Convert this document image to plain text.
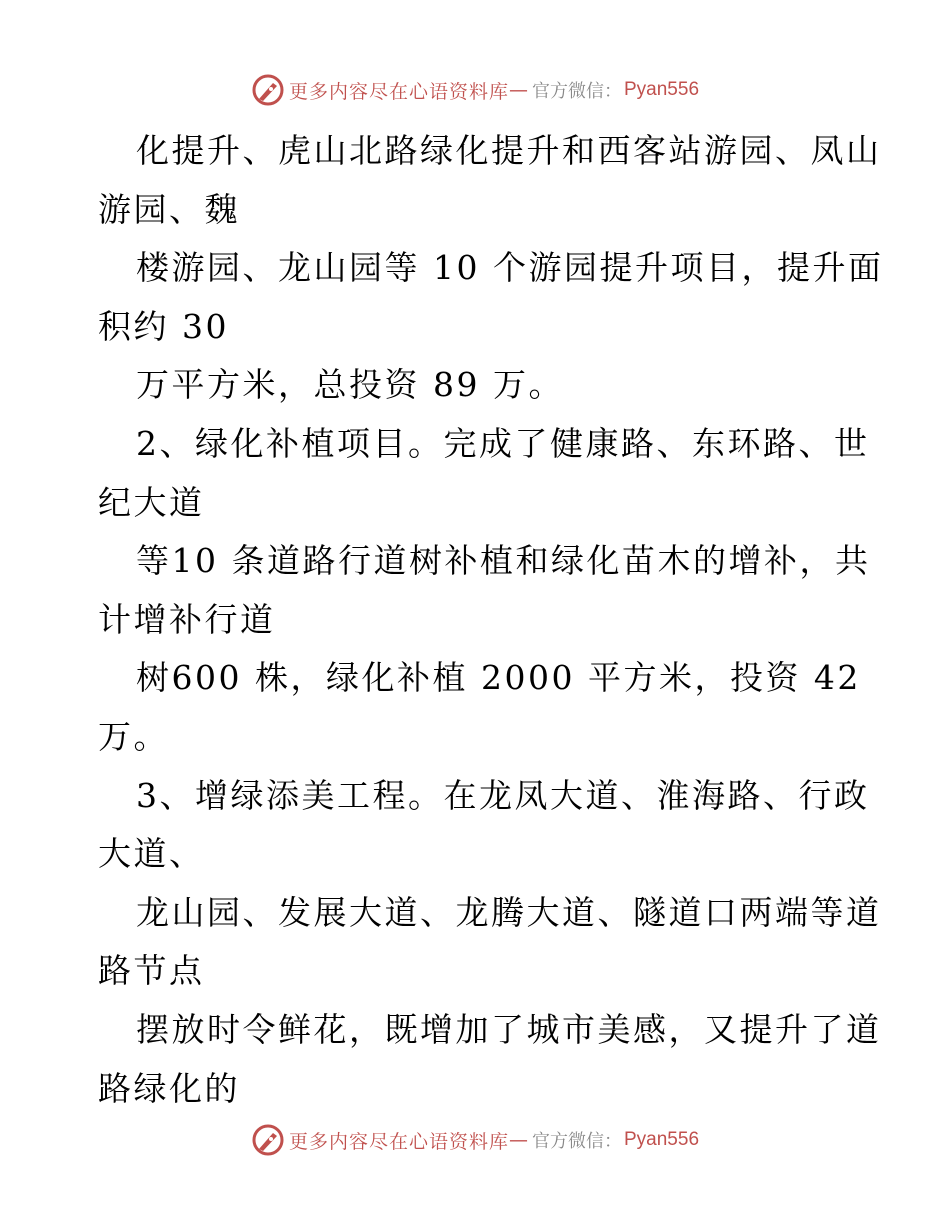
更多内容尽在心语资料库 — 官方微信： Pyan556
化提升、虎山北路绿化提升和西客站游园、凤山
游园、魏
楼游园、龙山园等 10 个游园提升项目，提升面
积约 30
万平方米，总投资 89 万。
2、绿化补植项目。完成了健康路、东环路、世
纪大道
等10 条道路行道树补植和绿化苗木的增补，共
计增补行道
树600 株，绿化补植 2000 平方米，投资 42
万。
3、增绿添美工程。在龙凤大道、淮海路、行政
大道、
龙山园、发展大道、龙腾大道、隧道口两端等道
路节点
摆放时令鲜花，既增加了城市美感，又提升了道
路绿化的
更多内容尽在心语资料库 — 官方微信： Pyan556
